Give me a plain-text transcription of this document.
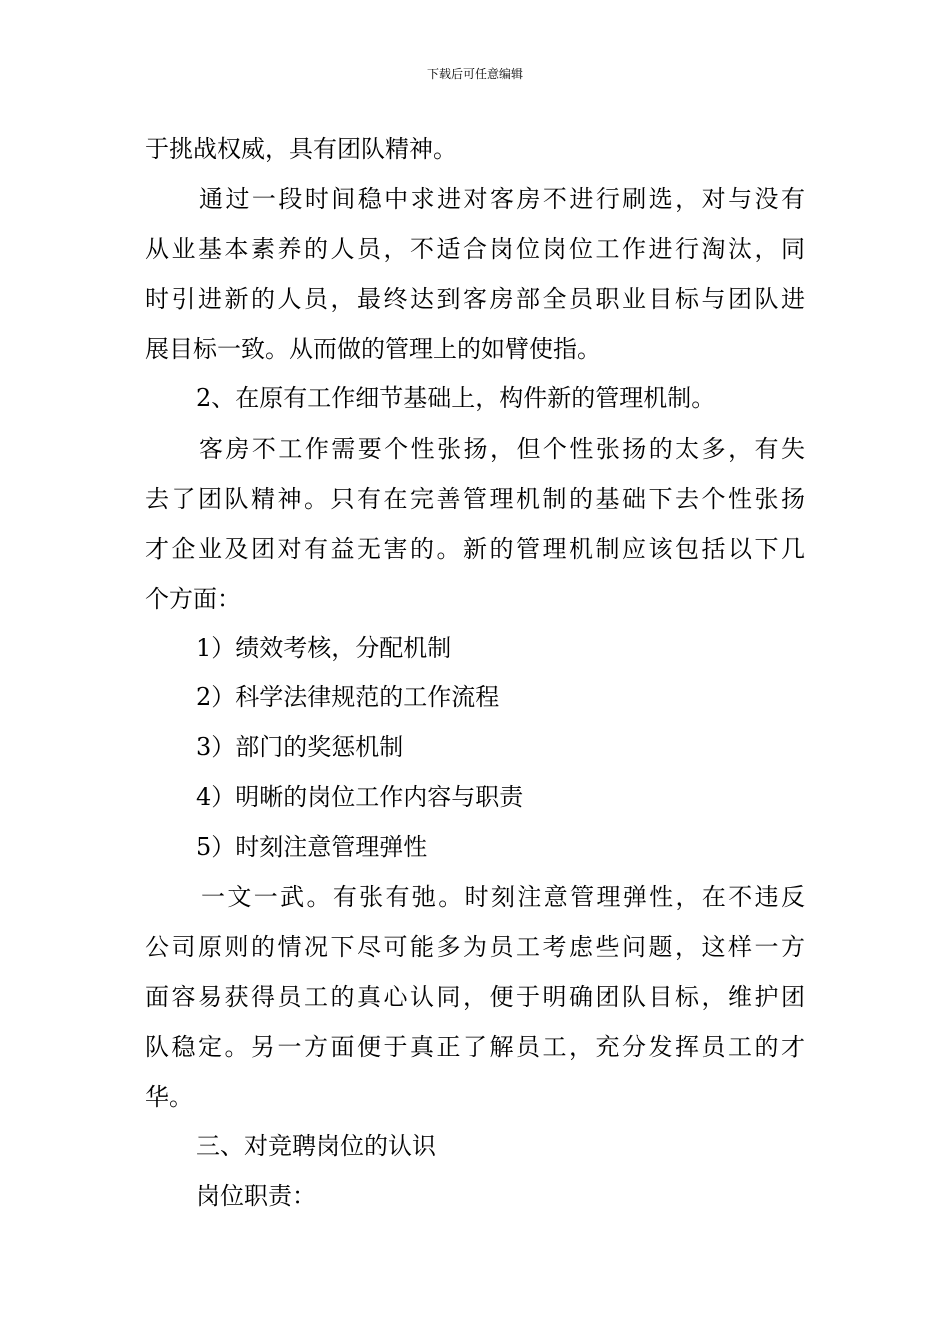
下载后可任意编辑
于挑战权威，具有团队精神。
通过一段时间稳中求进对客房不进行刷选，对与没有
从业基本素养的人员，不适合岗位岗位工作进行淘汰，同
时引进新的人员，最终达到客房部全员职业目标与团队进
展目标一致。从而做的管理上的如臂使指。
2、在原有工作细节基础上，构件新的管理机制。
客房不工作需要个性张扬，但个性张扬的太多，有失
去了团队精神。只有在完善管理机制的基础下去个性张扬
才企业及团对有益无害的。新的管理机制应该包括以下几
个方面：
1）绩效考核，分配机制
2）科学法律规范的工作流程
3）部门的奖惩机制
4）明晰的岗位工作内容与职责
5）时刻注意管理弹性
一文一武。有张有弛。时刻注意管理弹性，在不违反
公司原则的情况下尽可能多为员工考虑些问题，这样一方
面容易获得员工的真心认同，便于明确团队目标，维护团
队稳定。另一方面便于真正了解员工，充分发挥员工的才
华。
三、对竞聘岗位的认识
岗位职责：
